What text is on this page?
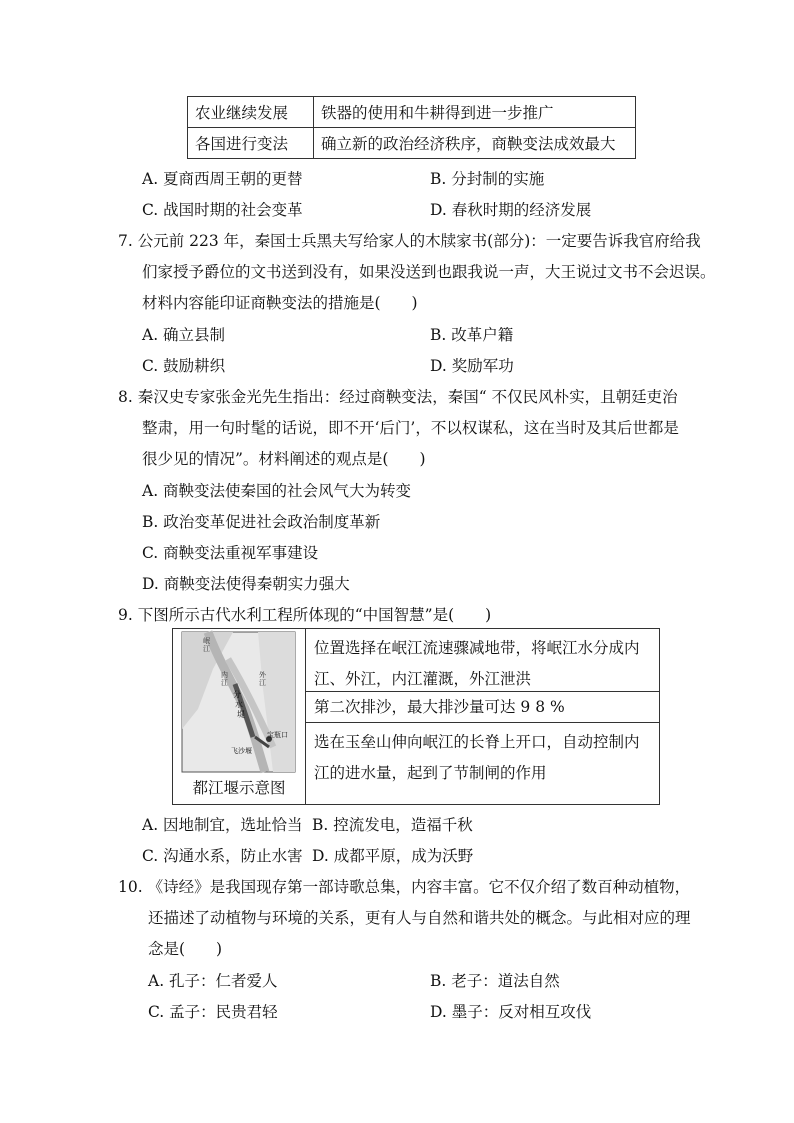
农业继续发展	铁器的使用和牛耕得到进一步推广
各国进行变法	确立新的政治经济秩序，商鞅变法成效最大
A. 夏商西周王朝的更替	B. 分封制的实施
C. 战国时期的社会变革	D. 春秋时期的经济发展
7. 公元前 223 年，秦国士兵黑夫写给家人的木牍家书(部分)：一定要告诉我官府给我
们家授予爵位的文书送到没有，如果没送到也跟我说一声，大王说过文书不会迟误。
材料内容能印证商鞅变法的措施是(　　)
A. 确立县制	B. 改革户籍
C. 鼓励耕织	D. 奖励军功
8. 秦汉史专家张金光先生指出：经过商鞅变法，秦国“ 不仅民风朴实，且朝廷吏治
整肃，用一句时髦的话说，即不开‘后门’，不以权谋私，这在当时及其后世都是
很少见的情况”。材料阐述的观点是(　　)
A. 商鞅变法使秦国的社会风气大为转变
B. 政治变革促进社会政治制度革新
C. 商鞅变法重视军事建设
D. 商鞅变法使得秦朝实力强大
9. 下图所示古代水利工程所体现的“中国智慧”是(　　)
岷
江
内
江
外
江
分
水
堤
飞沙堰
宝瓶口
都江堰示意图
位置选择在岷江流速骤减地带，将岷江水分成内江、外江，内江灌溉，外江泄洪
第二次排沙，最大排沙量可达 9 8 %
选在玉垒山伸向岷江的长脊上开口，自动控制内江的进水量，起到了节制闸的作用
A. 因地制宜，选址恰当 B. 控流发电，造福千秋
C. 沟通水系，防止水害 D. 成都平原，成为沃野
10. 《诗经》是我国现存第一部诗歌总集，内容丰富。它不仅介绍了数百种动植物，
还描述了动植物与环境的关系，更有人与自然和谐共处的概念。与此相对应的理
念是(　　)
A. 孔子：仁者爱人	B. 老子：道法自然
C. 孟子：民贵君轻	D. 墨子：反对相互攻伐
